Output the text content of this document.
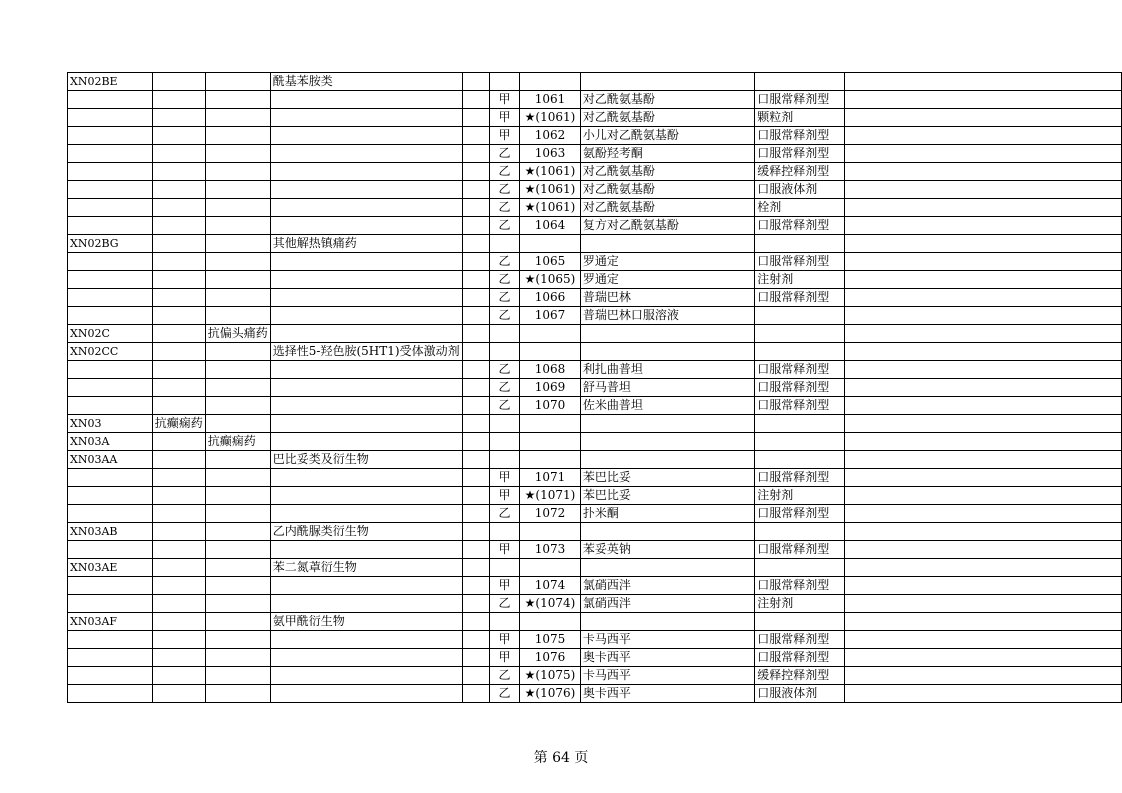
XN02BE			酰基苯胺类						
					甲	1061	对乙酰氨基酚	口服常释剂型	
					甲	★(1061)	对乙酰氨基酚	颗粒剂	
					甲	1062	小儿对乙酰氨基酚	口服常释剂型	
					乙	1063	氨酚羟考酮	口服常释剂型	
					乙	★(1061)	对乙酰氨基酚	缓释控释剂型	
					乙	★(1061)	对乙酰氨基酚	口服液体剂	
					乙	★(1061)	对乙酰氨基酚	栓剂	
					乙	1064	复方对乙酰氨基酚	口服常释剂型	
XN02BG			其他解热镇痛药						
					乙	1065	罗通定	口服常释剂型	
					乙	★(1065)	罗通定	注射剂	
					乙	1066	普瑞巴林	口服常释剂型	
					乙	1067	普瑞巴林口服溶液		
XN02C		抗偏头痛药							
XN02CC			选择性5-羟色胺(5HT1)受体激动剂						
					乙	1068	利扎曲普坦	口服常释剂型	
					乙	1069	舒马普坦	口服常释剂型	
					乙	1070	佐米曲普坦	口服常释剂型	
XN03	抗癫痫药								
XN03A		抗癫痫药							
XN03AA			巴比妥类及衍生物						
					甲	1071	苯巴比妥	口服常释剂型	
					甲	★(1071)	苯巴比妥	注射剂	
					乙	1072	扑米酮	口服常释剂型	
XN03AB			乙内酰脲类衍生物						
					甲	1073	苯妥英钠	口服常释剂型	
XN03AE			苯二氮䓬衍生物						
					甲	1074	氯硝西泮	口服常释剂型	
					乙	★(1074)	氯硝西泮	注射剂	
XN03AF			氨甲酰衍生物						
					甲	1075	卡马西平	口服常释剂型	
					甲	1076	奥卡西平	口服常释剂型	
					乙	★(1075)	卡马西平	缓释控释剂型	
					乙	★(1076)	奥卡西平	口服液体剂	
第 64 页
